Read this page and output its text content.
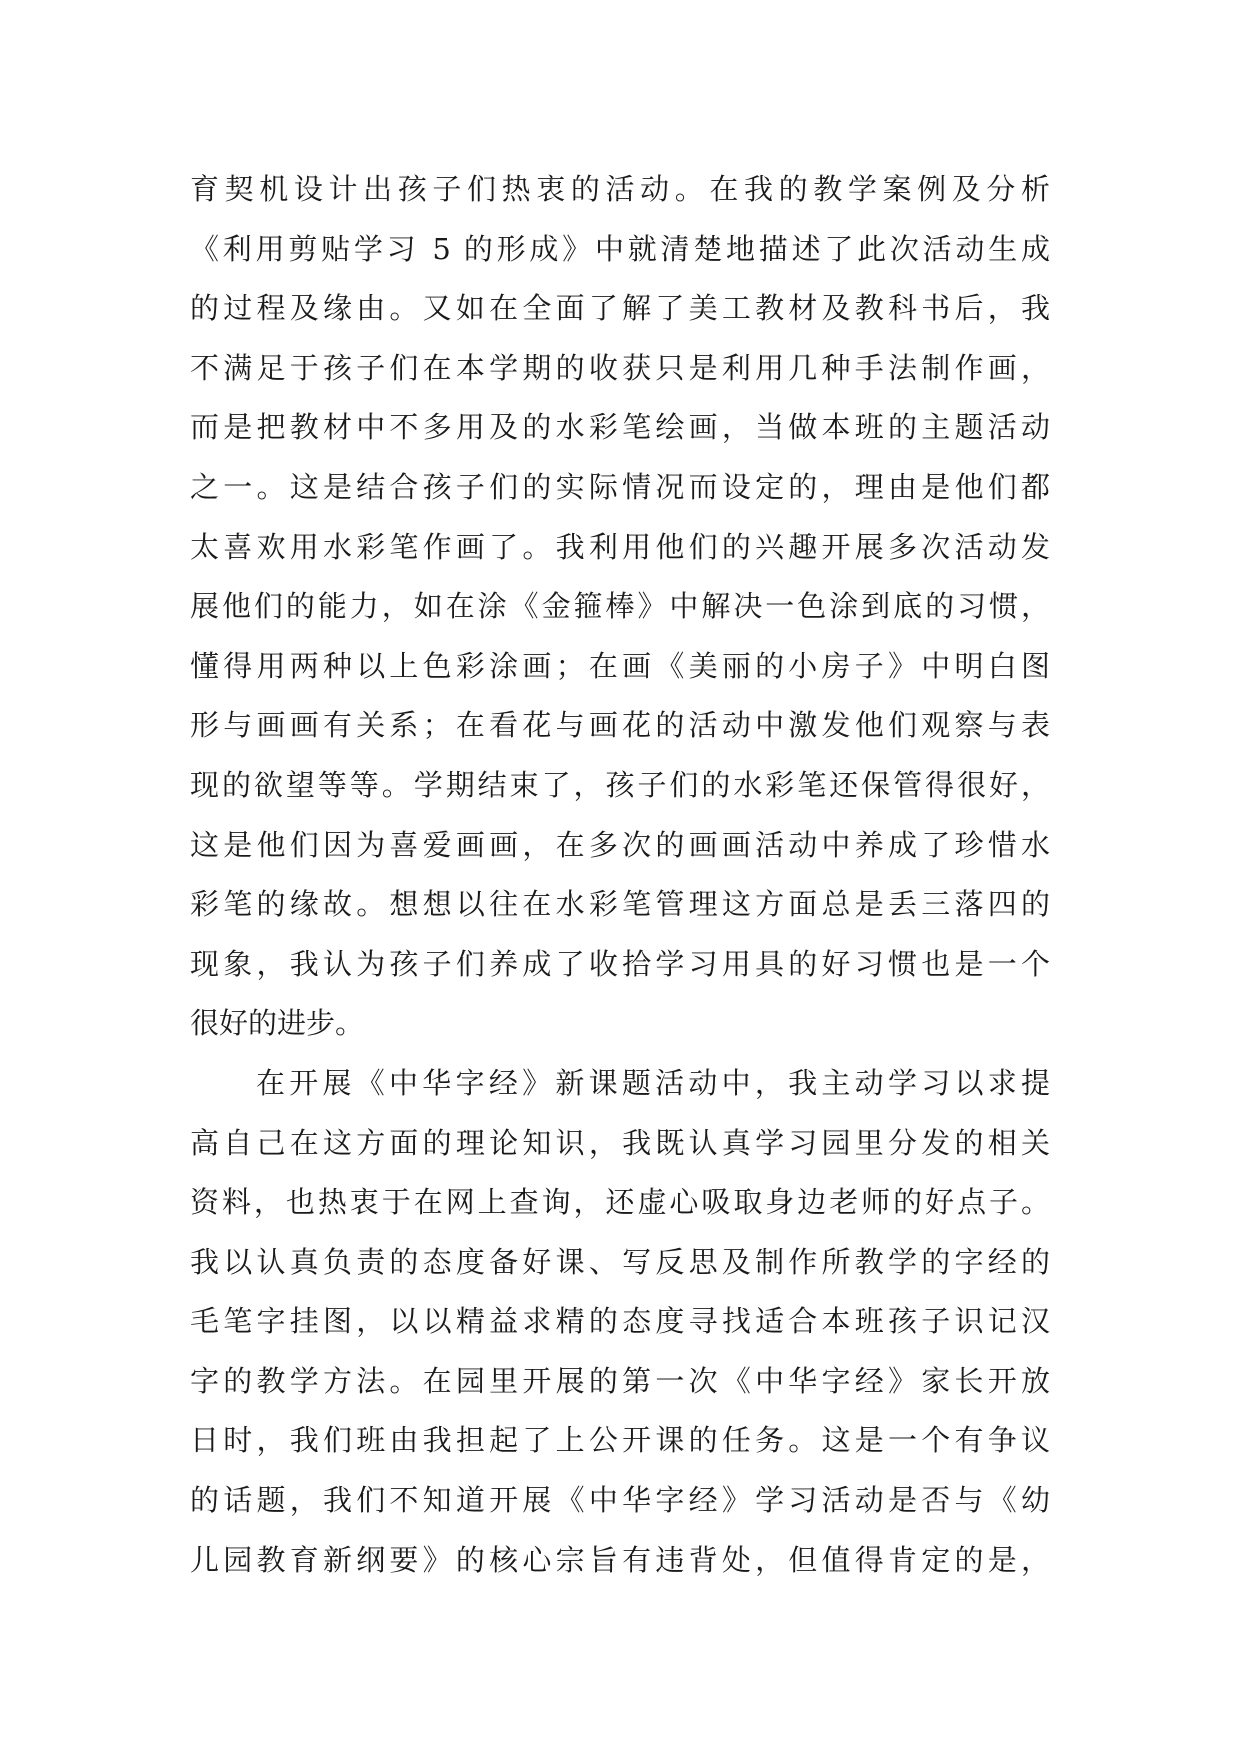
育契机设计出孩子们热衷的活动。在我的教学案例及分析
《利用剪贴学习 5 的形成》中就清楚地描述了此次活动生成
的过程及缘由。又如在全面了解了美工教材及教科书后，我
不满足于孩子们在本学期的收获只是利用几种手法制作画，
而是把教材中不多用及的水彩笔绘画，当做本班的主题活动
之一。这是结合孩子们的实际情况而设定的，理由是他们都
太喜欢用水彩笔作画了。我利用他们的兴趣开展多次活动发
展他们的能力，如在涂《金箍棒》中解决一色涂到底的习惯，
懂得用两种以上色彩涂画；在画《美丽的小房子》中明白图
形与画画有关系；在看花与画花的活动中激发他们观察与表
现的欲望等等。学期结束了，孩子们的水彩笔还保管得很好，
这是他们因为喜爱画画，在多次的画画活动中养成了珍惜水
彩笔的缘故。想想以往在水彩笔管理这方面总是丢三落四的
现象，我认为孩子们养成了收拾学习用具的好习惯也是一个
很好的进步。
在开展《中华字经》新课题活动中，我主动学习以求提
高自己在这方面的理论知识，我既认真学习园里分发的相关
资料，也热衷于在网上查询，还虚心吸取身边老师的好点子。
我以认真负责的态度备好课、写反思及制作所教学的字经的
毛笔字挂图，以以精益求精的态度寻找适合本班孩子识记汉
字的教学方法。在园里开展的第一次《中华字经》家长开放
日时，我们班由我担起了上公开课的任务。这是一个有争议
的话题，我们不知道开展《中华字经》学习活动是否与《幼
儿园教育新纲要》的核心宗旨有违背处，但值得肯定的是，
